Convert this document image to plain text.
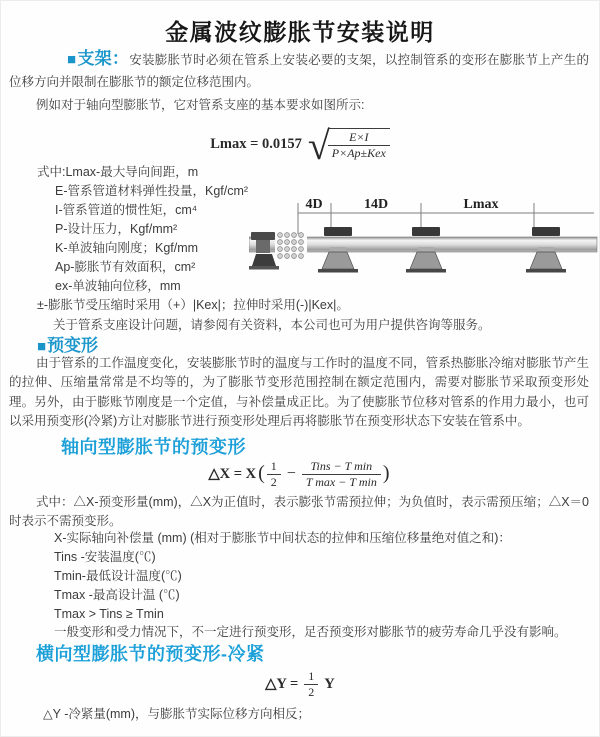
金属波纹膨胀节安装说明

■支架：安装膨胀节时必须在管系上安装必要的支架，以控制管系的变形在膨胀节上产生的位移方向并限制在膨胀节的额定位移范围内。

例如对于轴向型膨胀节，它对管系支座的基本要求如图所示:

Lmax = 0.0157 √
$\frac{E\times I}{\text{P×Ap±Kex}}$
式中:Lmax-最大导向间距，m
E-管系管道材料弹性投量，Kgf/cm²
I-管系管道的惯性矩，cm⁴
P-设计压力，Kgf/mm²
K-单波轴向刚度；Kgf/mm
Ap-膨胀节有效面积，cm²
ex-单波轴向位移，mm
±-膨胀节受压缩时采用（+）|Kex|；拉伸时采用(-)|Kex|。
关于管系支座设计问题，请参阅有关资料，本公司也可为用户提供咨询等服务。
4D	14D	Lmax
■预变形

由于管系的工作温度变化，安装膨胀节时的温度与工作时的温度不同，管系热膨胀冷缩对膨胀节产生的拉伸、压缩量常常是不均等的，为了膨胀节变形范围控制在额定范围内，需要对膨胀节采取预变形处理。另外，由于膨账节刚度是一个定值，与补偿量成正比。为了使膨胀节位移对管系的作用力最小，也可以采用预变形(冷紧)方让对膨胀节进行预变形处理后再将膨胀节在预变形状态下安装在管系中。

轴向型膨胀节的预变形
△X = X ( $\frac{1}{2} - \frac{\text{Tins − T min}}{\text{T max − T min}}$ )

式中：△X-预变形量(mm)，△X为正值时，表示膨张节需预拉伸；为负值时，表示需预压缩；△X＝0时表示不需预变形。

X-实际轴向补偿量 (mm) (相对于膨胀节中间状态的拉伸和压缩位移量绝对值之和)：
Tins -安装温度(℃)
Tmin-最低设计温度(℃)
Tmax -最高设计温 (℃)
Tmax > Tins ≥ Tmin
一般变形和受力情况下，不一定进行预变形，足否预变形对膨胀节的疲劳寿命几乎没有影响。
横向型膨胀节的预变形-冷紧
△Y = $\frac{1}{2}$ Y
△Y -冷紧量(mm)，与膨胀节实际位移方向相反；
